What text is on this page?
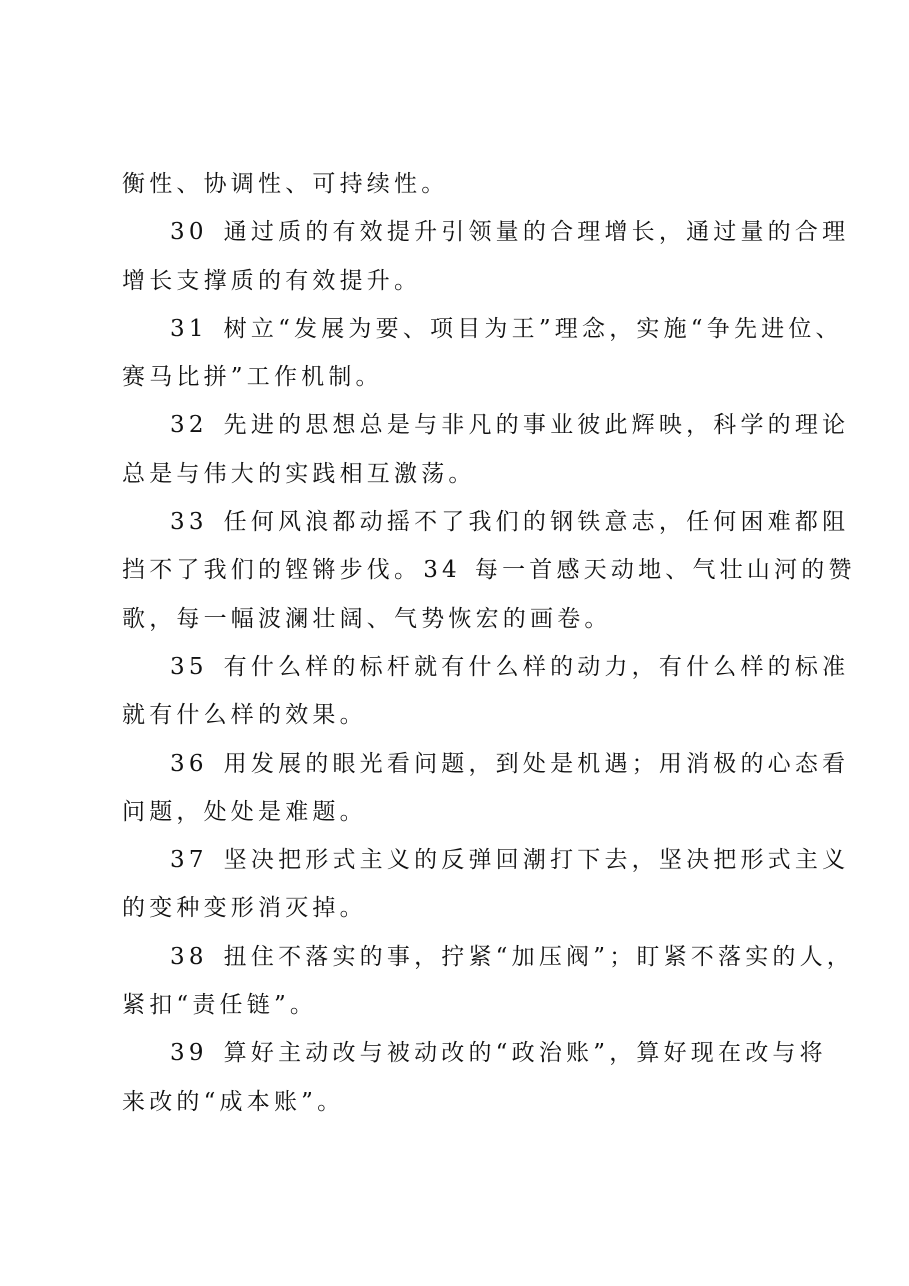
衡性、协调性、可持续性。
30 通过质的有效提升引领量的合理增长，通过量的合理
增长支撑质的有效提升。
31 树立“发展为要、项目为王”理念，实施“争先进位、
赛马比拼”工作机制。
32 先进的思想总是与非凡的事业彼此辉映，科学的理论
总是与伟大的实践相互激荡。
33 任何风浪都动摇不了我们的钢铁意志，任何困难都阻
挡不了我们的铿锵步伐。34 每一首感天动地、气壮山河的赞
歌，每一幅波澜壮阔、气势恢宏的画卷。
35 有什么样的标杆就有什么样的动力，有什么样的标准
就有什么样的效果。
36 用发展的眼光看问题，到处是机遇；用消极的心态看
问题，处处是难题。
37 坚决把形式主义的反弹回潮打下去，坚决把形式主义
的变种变形消灭掉。
38 扭住不落实的事，拧紧“加压阀”；盯紧不落实的人，
紧扣“责任链”。
39 算好主动改与被动改的“政治账”，算好现在改与将
来改的“成本账”。
